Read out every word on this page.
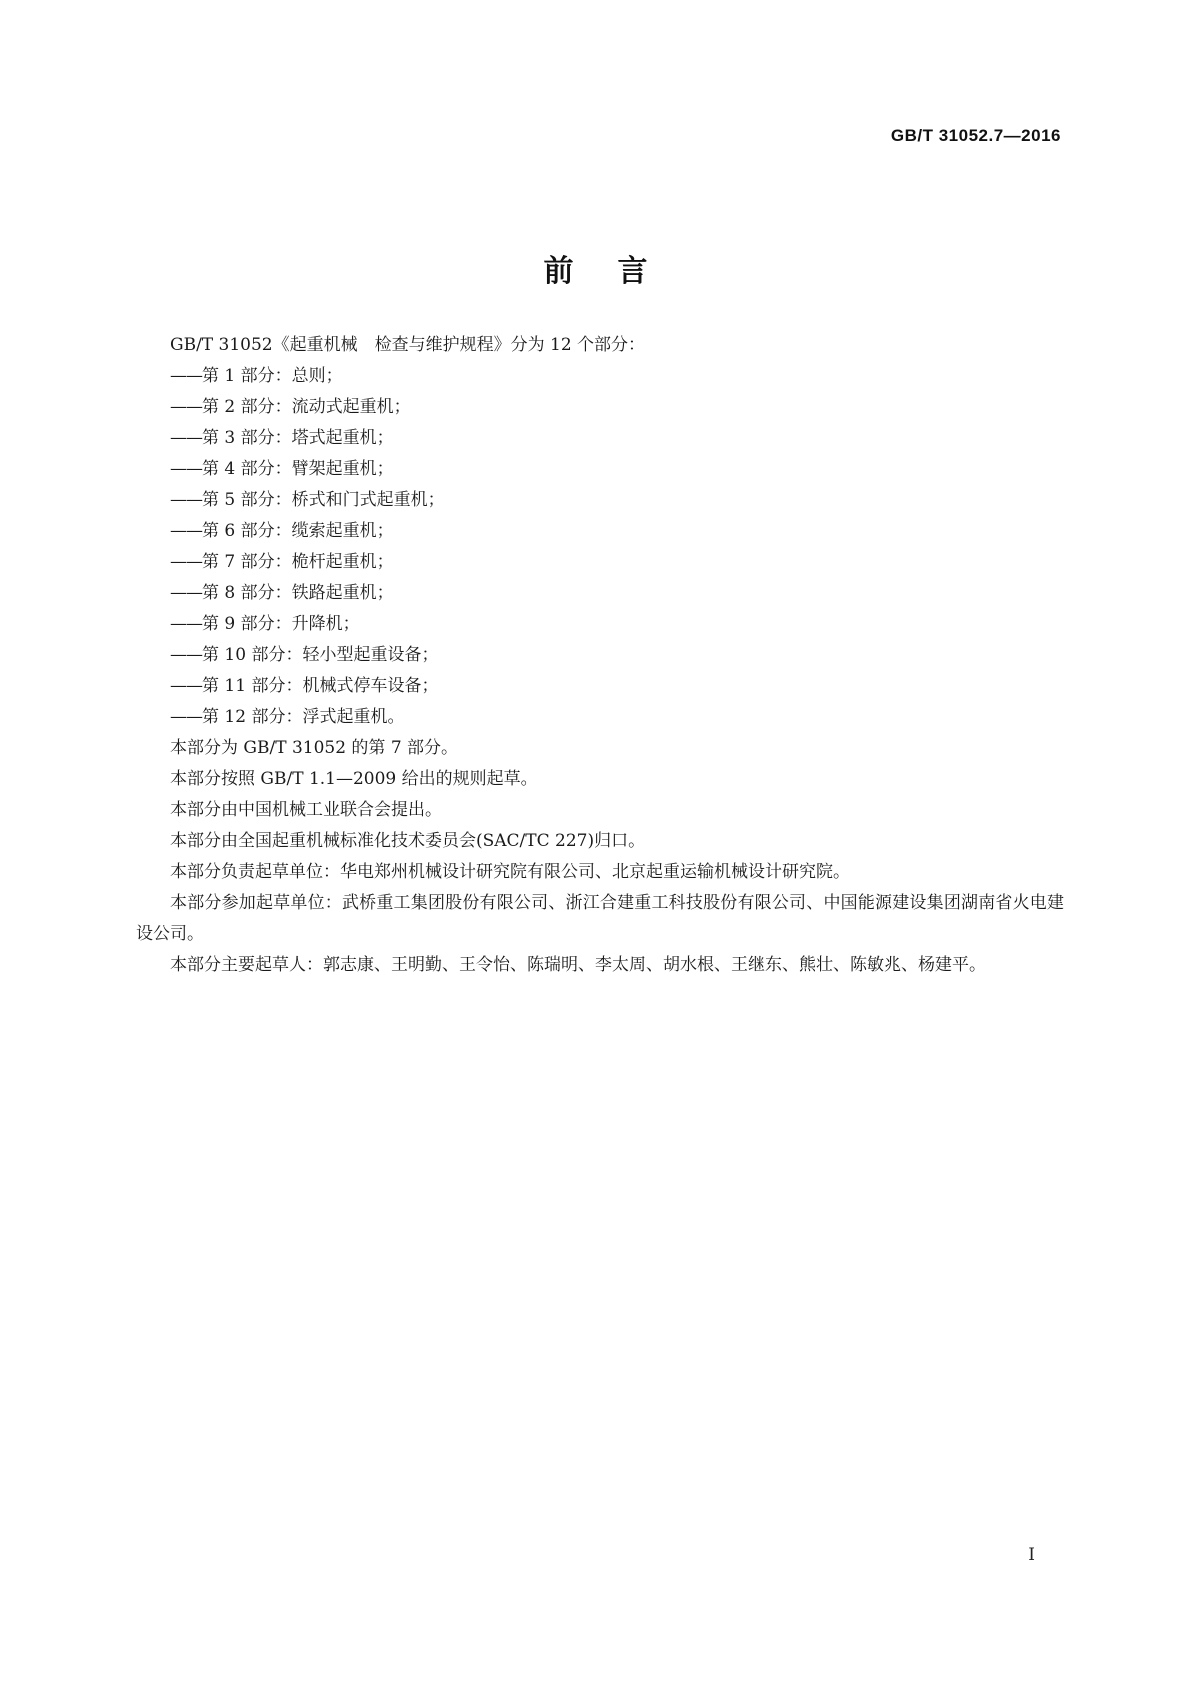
GB/T 31052.7—2016
前言

GB/T 31052《起重机械　检查与维护规程》分为 12 个部分：

——第 1 部分：总则；

——第 2 部分：流动式起重机；

——第 3 部分：塔式起重机；

——第 4 部分：臂架起重机；

——第 5 部分：桥式和门式起重机；

——第 6 部分：缆索起重机；

——第 7 部分：桅杆起重机；

——第 8 部分：铁路起重机；

——第 9 部分：升降机；

——第 10 部分：轻小型起重设备；

——第 11 部分：机械式停车设备；

——第 12 部分：浮式起重机。

本部分为 GB/T 31052 的第 7 部分。

本部分按照 GB/T 1.1—2009 给出的规则起草。

本部分由中国机械工业联合会提出。

本部分由全国起重机械标准化技术委员会(SAC/TC 227)归口。

本部分负责起草单位：华电郑州机械设计研究院有限公司、北京起重运输机械设计研究院。

本部分参加起草单位：武桥重工集团股份有限公司、浙江合建重工科技股份有限公司、中国能源建设集团湖南省火电建设公司。

本部分主要起草人：郭志康、王明勤、王令怡、陈瑞明、李太周、胡水根、王继东、熊壮、陈敏兆、杨建平。

I
